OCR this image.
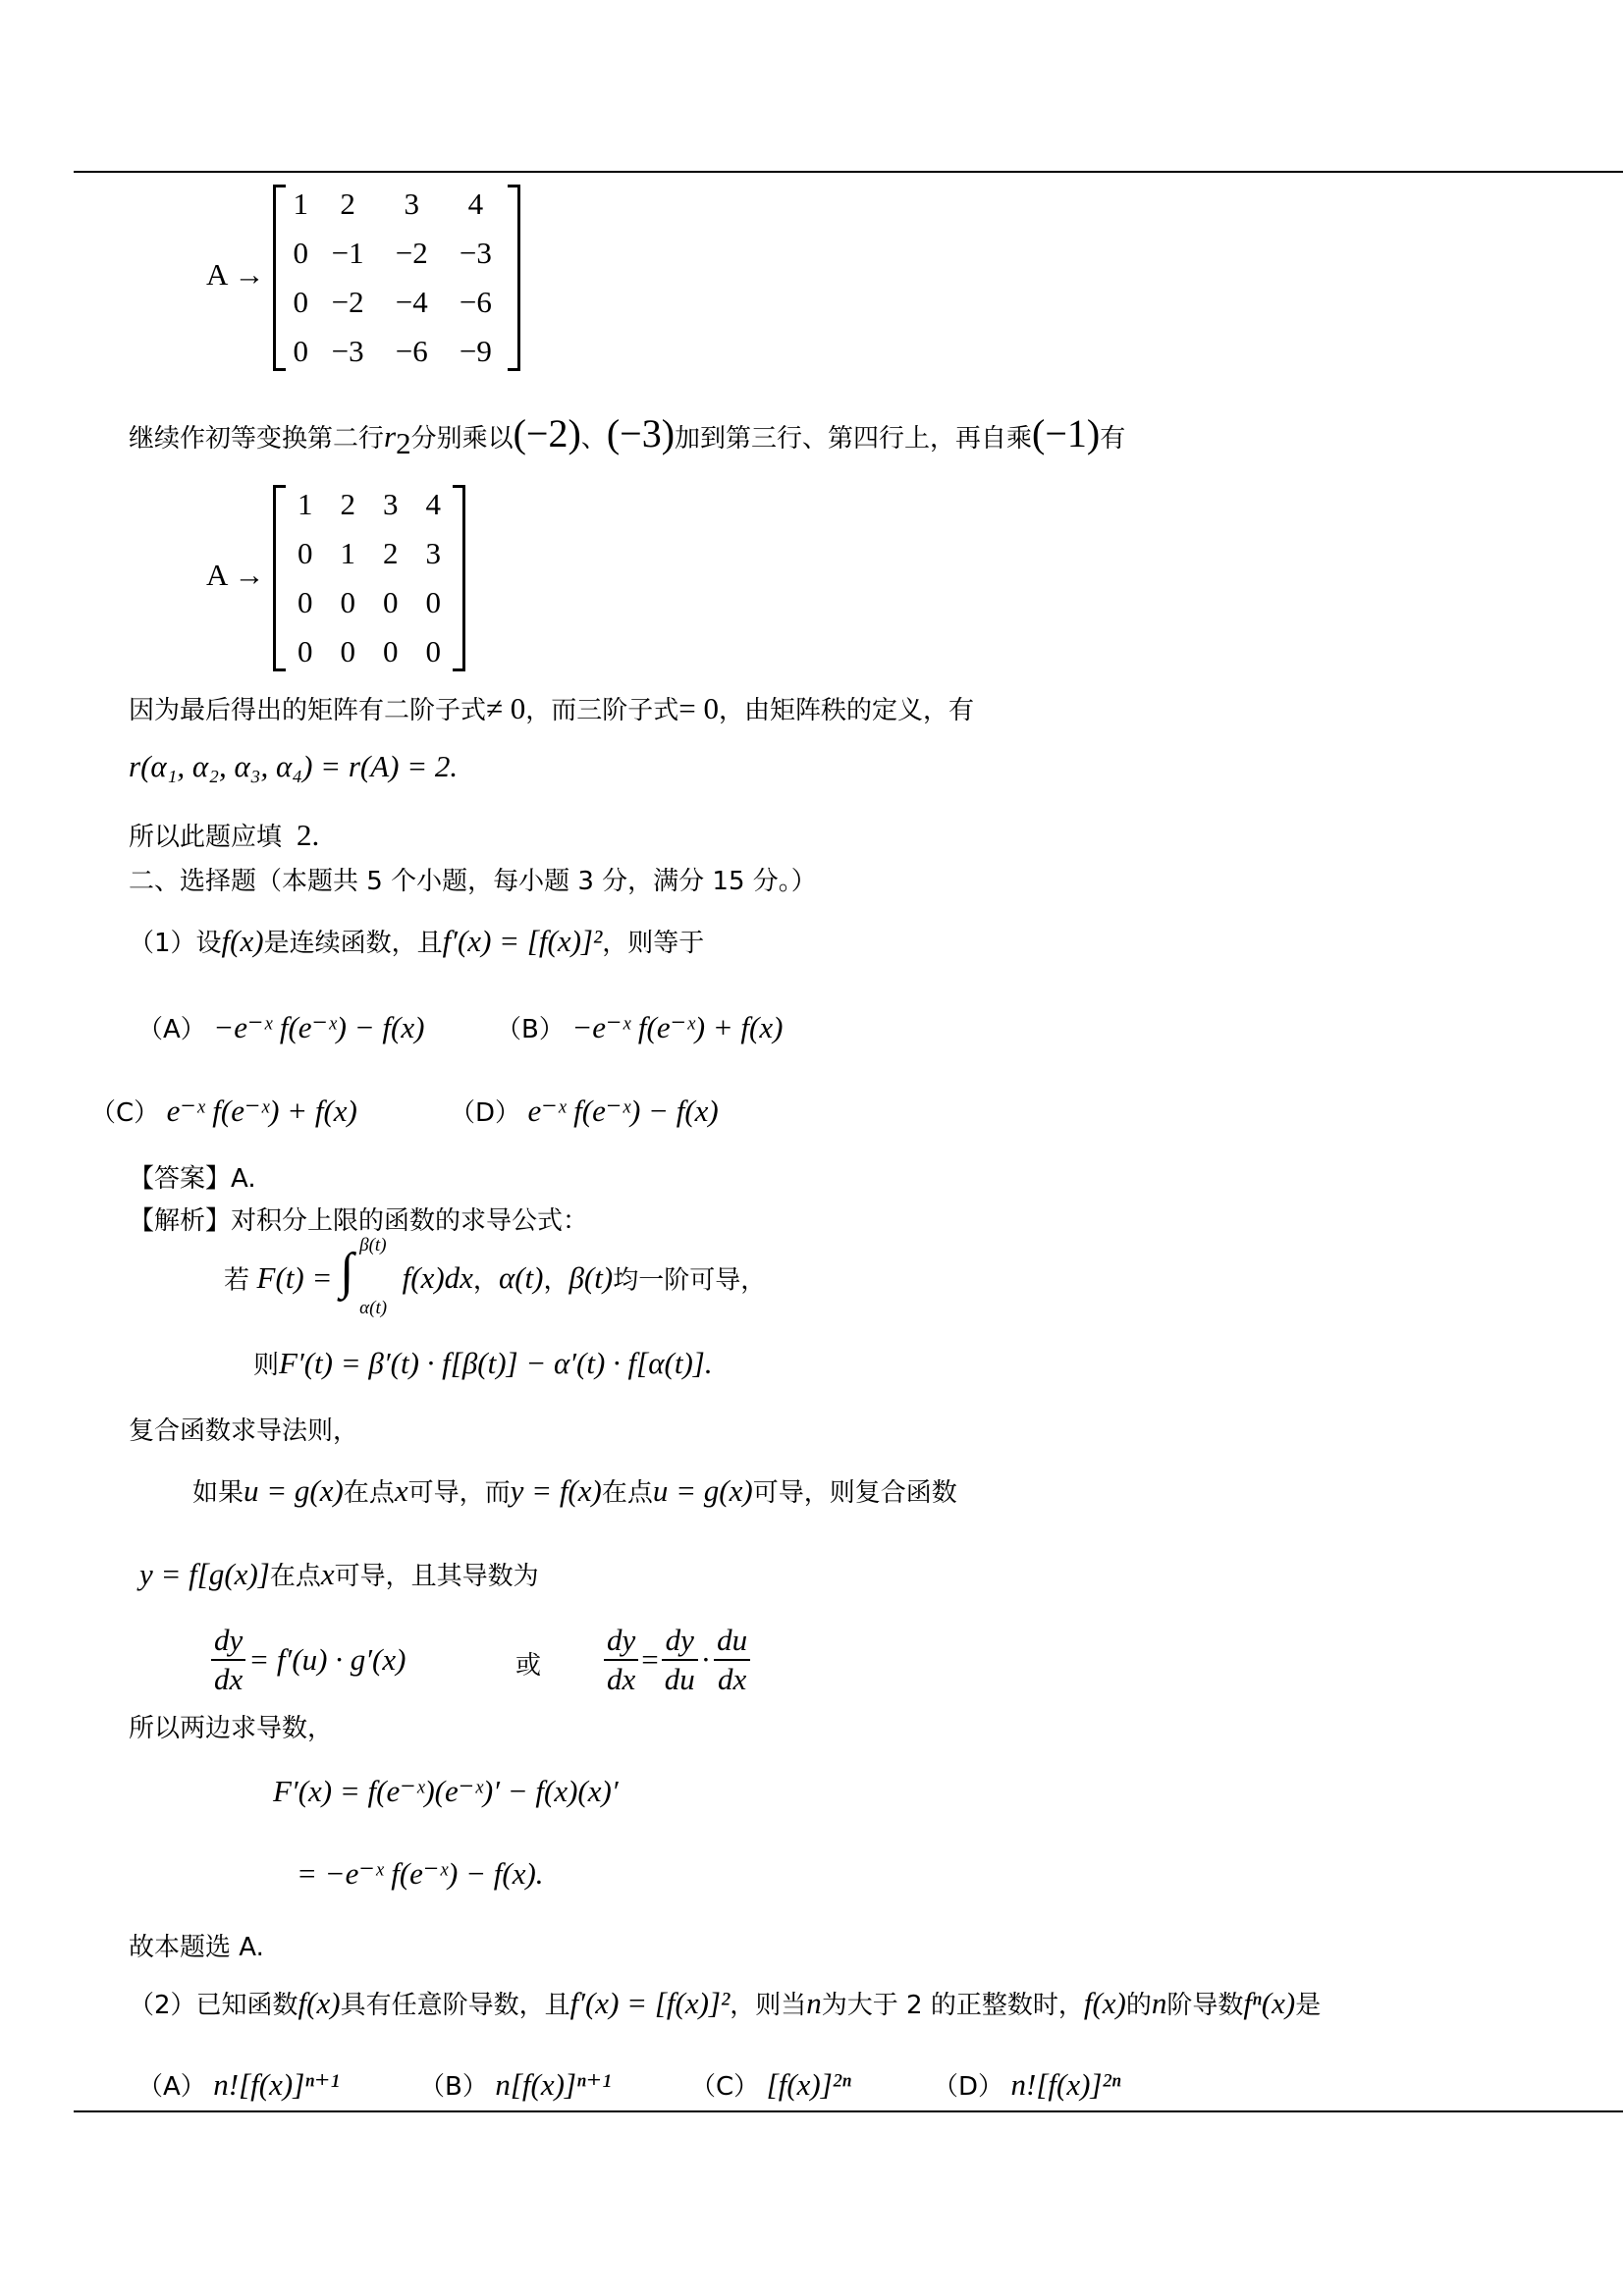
A →
1	2	3	4
0	−1	−2	−3
0	−2	−4	−6
0	−3	−6	−9
继续作初等变换第二行$r_2$分别乘以(−2)、(−3)加到第三行、第四行上，再自乘(−1)有
A →
1	2	3	4
0	1	2	3
0	0	0	0
0	0	0	0
因为最后得出的矩阵有二阶子式≠ 0，而三阶子式= 0，由矩阵秩的定义，有
r(α₁, α₂, α₃, α₄) = r(A) = 2.
所以此题应填 2.
二、选择题（本题共 5 个小题，每小题 3 分，满分 15 分。）
（1）设f(x)是连续函数，且f′(x) = [f(x)]²，则等于
（A） −e⁻ˣ f(e⁻ˣ) − f(x)	（B） −e⁻ˣ f(e⁻ˣ) + f(x)
（C） e⁻ˣ f(e⁻ˣ) + f(x)	（D） e⁻ˣ f(e⁻ˣ) − f(x)
【答案】A.
【解析】对积分上限的函数的求导公式：
若 F(t) = ∫ β(t)
α(t)
f(x)dx，α(t)，β(t)均一阶可导，
则F′(t) = β′(t) · f[β(t)] − α′(t) · f[α(t)].
复合函数求导法则，
如果u = g(x)在点x可导，而y = f(x)在点u = g(x)可导，则复合函数
y = f[g(x)]在点x可导，且其导数为
$\frac{dy}{dx} = f'(u) \cdot g'(x)$	或 $\frac{dy}{dx} = \frac{dy}{du} \cdot \frac{du}{dx}$
所以两边求导数，
F′(x) = f(e⁻ˣ)(e⁻ˣ)′ − f(x)(x)′
= −e⁻ˣ f(e⁻ˣ) − f(x).
故本题选 A.
（2）已知函数f(x)具有任意阶导数，且f′(x) = [f(x)]²，则当n为大于 2 的正整数时，f(x)的n阶导数fⁿ(x)是
（A） n![f(x)]ⁿ⁺¹	（B） n[f(x)]ⁿ⁺¹	（C） [f(x)]²ⁿ	（D） n![f(x)]²ⁿ
